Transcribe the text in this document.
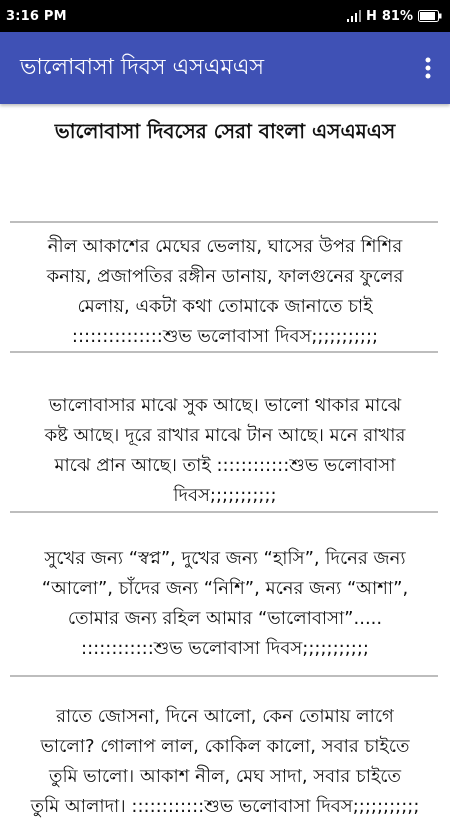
3:16 PM	H 81%
ভালোবাসা দিবস এসএমএস
ভালোবাসা দিবসের সেরা বাংলা এসএমএস
নীল আকাশের মেঘের ভেলায়, ঘাসের উপর শিশির
কনায়, প্রজাপতির রঙ্গীন ডানায়, ফালগুনের ফুলের
মেলায়, একটা কথা তোমাকে জানাতে চাই
:::::::::::::::শুভ ভলোবাসা দিবস;;;;;;;;;;;
ভালোবাসার মাঝে সুক আছে। ভালো থাকার মাঝে
কষ্ট আছে। দূরে রাখার মাঝে টান আছে। মনে রাখার
মাঝে প্রান আছে। তাই ::::::::::::শুভ ভলোবাসা
দিবস;;;;;;;;;;;
সুখের জন্য “স্বপ্ন”, দুখের জন্য “হাসি”, দিনের জন্য
“আলো”, চাঁদের জন্য “নিশি”, মনের জন্য “আশা”,
তোমার জন্য রহিল আমার “ভালোবাসা”.....
::::::::::::শুভ ভলোবাসা দিবস;;;;;;;;;;;
রাতে জোসনা, দিনে আলো, কেন তোমায় লাগে
ভালো? গোলাপ লাল, কোকিল কালো, সবার চাইতে
তুমি ভালো। আকাশ নীল, মেঘ সাদা, সবার চাইতে
তুমি আলাদা। ::::::::::::শুভ ভলোবাসা দিবস;;;;;;;;;;;
